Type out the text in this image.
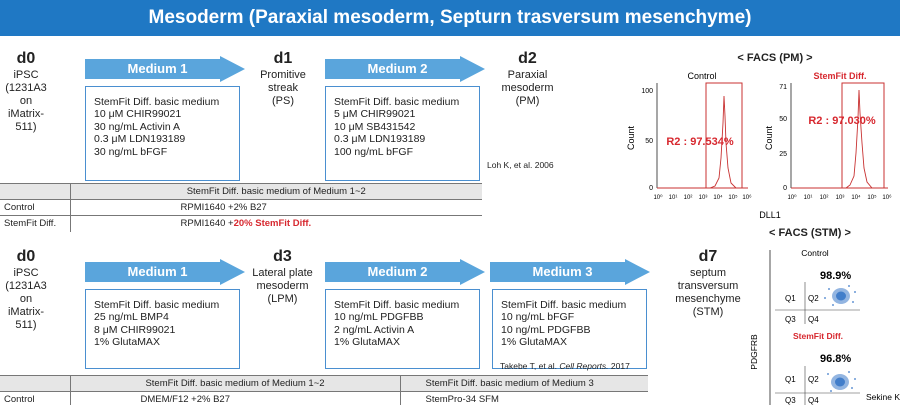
Mesoderm (Paraxial mesoderm, Septurn trasversum mesenchyme)
d0
iPSC
(1231A3 on
iMatrix-511)
Medium 1
StemFit Diff. basic medium
10 μM CHIR99021
30 ng/mL Activin A
0.3 μM LDN193189
30 ng/mL bFGF
d1
Promitive
streak
(PS)
Medium 2
StemFit Diff. basic medium
5 μM CHIR99021
10 μM SB431542
0.3 μM LDN193189
100 ng/mL bFGF
d2
Paraxial
mesoderm
(PM)
Loh K, et al. 2006
	StemFit Diff. basic medium of Medium 1~2
Control	RPMI1640 +2% B27
StemFit Diff.	RPMI1640 +20% StemFit Diff.
d0
iPSC
(1231A3 on
iMatrix-511)
Medium 1
StemFit Diff. basic medium
25 ng/mL BMP4
8 μM CHIR99021
1% GlutaMAX
d3
Lateral plate
mesoderm
(LPM)
Medium 2
StemFit Diff. basic medium
10 ng/mL PDGFBB
2 ng/mL Activin A
1% GlutaMAX
Medium 3
StemFit Diff. basic medium
10 ng/mL bFGF
10 ng/mL PDGFBB
1% GlutaMAX
d7
septum
transversum
mesenchyme
(STM)
Takebe T, et al. Cell Reports. 2017
	StemFit Diff. basic medium of Medium 1~2	StemFit Diff. basic medium of Medium 3
Control	DMEM/F12 +2% B27	StemPro-34 SFM
< FACS (PM) >
Control
Count
100
50
0
R2 : 97.534%
10⁰ 10¹ 10² 10³ 10⁴ 10⁵ 10⁶
StemFit Diff.
Count
71
50
25
0
R2 : 97.030%
10⁰ 10¹ 10² 10³ 10⁴ 10⁵ 10⁶
DLL1
< FACS (STM) >
PDGFRB
Control
98.9%
Q1 Q2
Q3 Q4
StemFit Diff.
96.8%
Q1 Q2
Q3 Q4	Sekine K
